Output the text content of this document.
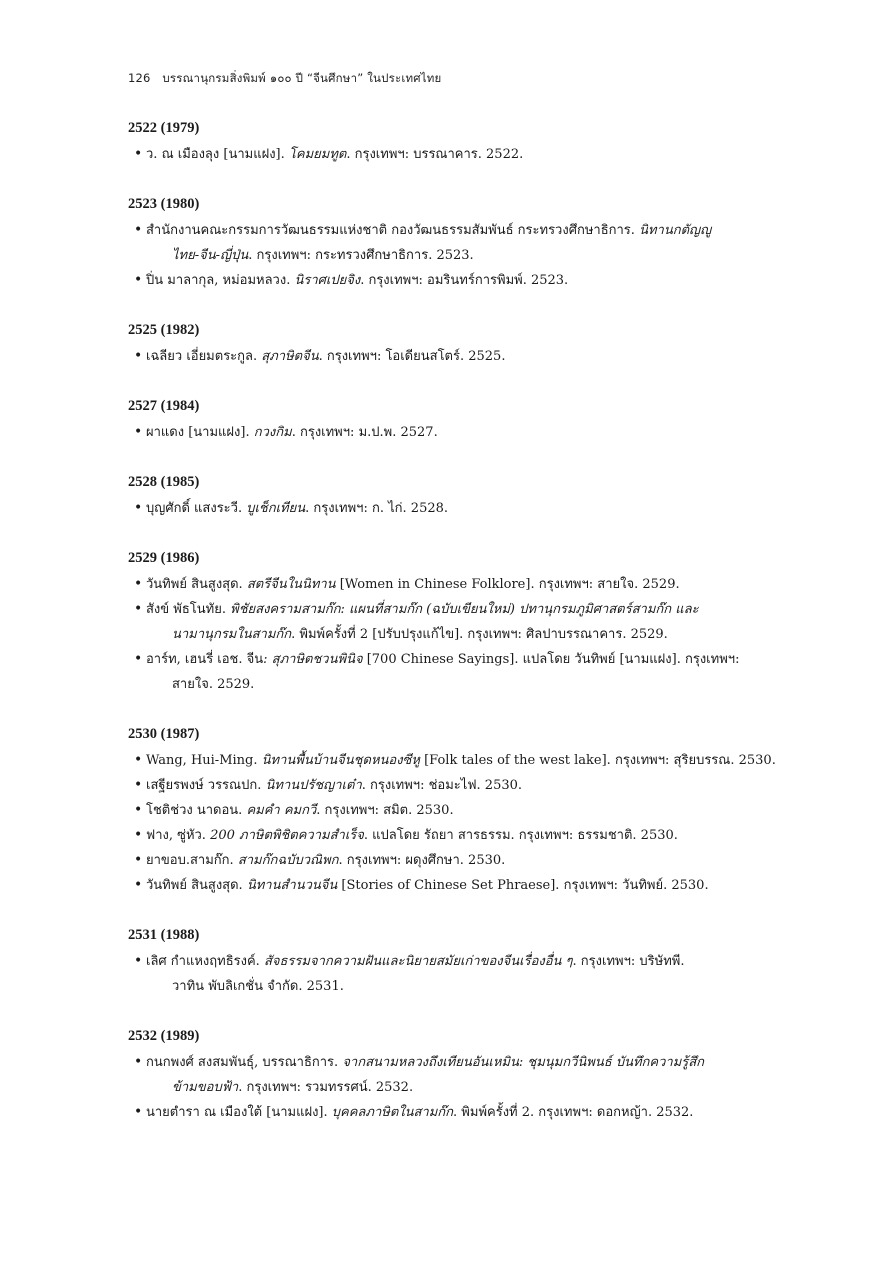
126 บรรณานุกรมสิ่งพิมพ์ ๑๐๐ ปี “จีนศึกษา” ในประเทศไทย
2522 (1979)
• ว. ณ เมืองลุง [นามแฝง]. โคมยมทูต. กรุงเทพฯ: บรรณาคาร. 2522.
2523 (1980)
• สำนักงานคณะกรรมการวัฒนธรรมแห่งชาติ กองวัฒนธรรมสัมพันธ์ กระทรวงศึกษาธิการ. นิทานกตัญญู
ไทย-จีน-ญี่ปุ่น. กรุงเทพฯ: กระทรวงศึกษาธิการ. 2523.
• ปิ่น มาลากุล, หม่อมหลวง. นิราศเปยจิง. กรุงเทพฯ: อมรินทร์การพิมพ์. 2523.
2525 (1982)
• เฉลียว เอี่ยมตระกูล. สุภาษิตจีน. กรุงเทพฯ: โอเดียนสโตร์. 2525.
2527 (1984)
• ผาแดง [นามแฝง]. กวงกิม. กรุงเทพฯ: ม.ป.พ. 2527.
2528 (1985)
• บุญศักดิ์ แสงระวี. บูเช็กเทียน. กรุงเทพฯ: ก. ไก่. 2528.
2529 (1986)
• วันทิพย์ สินสูงสุด. สตรีจีนในนิทาน [Women in Chinese Folklore]. กรุงเทพฯ: สายใจ. 2529.
• สังข์ พัธโนทัย. พิชัยสงครามสามก๊ก: แผนที่สามก๊ก (ฉบับเขียนใหม่) ปทานุกรมภูมิศาสตร์สามก๊ก และ
นามานุกรมในสามก๊ก. พิมพ์ครั้งที่ 2 [ปรับปรุงแก้ไข]. กรุงเทพฯ: ศิลปาบรรณาคาร. 2529.
• อาร์ท, เฮนรี่ เอช. จีน: สุภาษิตชวนพินิจ [700 Chinese Sayings]. แปลโดย วันทิพย์ [นามแฝง]. กรุงเทพฯ:
สายใจ. 2529.
2530 (1987)
• Wang, Hui-Ming. นิทานพื้นบ้านจีนชุดหนองซีหู [Folk tales of the west lake]. กรุงเทพฯ: สุริยบรรณ. 2530.
• เสฐียรพงษ์ วรรณปก. นิทานปรัชญาเต๋า. กรุงเทพฯ: ช่อมะไฟ. 2530.
• โชติช่วง นาดอน. คมคำ คมกวี. กรุงเทพฯ: สมิต. 2530.
• ฟาง, ซู่หัว. 200 ภาษิตพิชิตความสำเร็จ. แปลโดย รัถยา สารธรรม. กรุงเทพฯ: ธรรมชาติ. 2530.
• ยาขอบ.สามก๊ก. สามก๊กฉบับวณิพก. กรุงเทพฯ: ผดุงศึกษา. 2530.
• วันทิพย์ สินสูงสุด. นิทานสำนวนจีน [Stories of Chinese Set Phraese]. กรุงเทพฯ: วันทิพย์. 2530.
2531 (1988)
• เลิศ กำแหงฤทธิรงค์. สัจธรรมจากความฝันและนิยายสมัยเก่าของจีนเรื่องอื่น ๆ. กรุงเทพฯ: บริษัทพี.
วาทิน พับลิเกชั่น จำกัด. 2531.
2532 (1989)
• กนกพงศ์ สงสมพันธุ์, บรรณาธิการ. จากสนามหลวงถึงเทียนอันเหมิน: ชุมนุมกวีนิพนธ์ บันทึกความรู้สึก
ข้ามขอบฟ้า. กรุงเทพฯ: รวมทรรศน์. 2532.
• นายตำรา ณ เมืองใต้ [นามแฝง]. บุคคลภาษิตในสามก๊ก. พิมพ์ครั้งที่ 2. กรุงเทพฯ: ดอกหญ้า. 2532.
